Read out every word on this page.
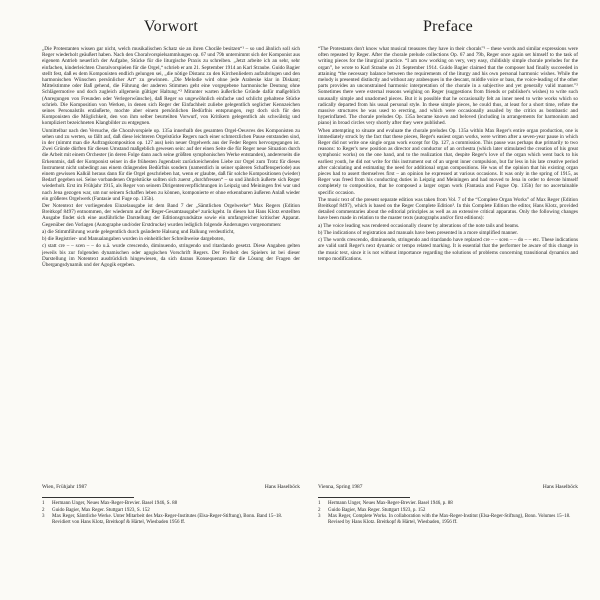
Vorwort

„Die Protestanten wissen gar nicht, welch musikalischen Schatz sie an ihren Choräle besitzen“¹ – so und ähnlich soll sich Reger wiederholt geäußert haben. Nach den Choralvorspielsammlungen op. 67 und 79b unternimmt sich der Komponist aus eigenem Antrieb neuerlich der Aufgabe, Stücke für die liturgische Praxis zu schreiben. „Jetzt arbeite ich an sehr, sehr einfachen, kinderleichten Choralvorspielen für die Orgel,“ schrieb er am 21. September 1914 an Karl Straube. Guido Bagier stellt fest, daß es dem Komponisten endlich gelungen sei, „die nötige Distanz zu den Kirchenliedern aufzubringen und den harmonischen Wünschen persönlicher Art“ zu gewinnen. „Die Melodie wird ohne jede Arabeske klar in Diskant; Mittelstimme oder Baß gehend, die Führung der anderen Stimmen geht eine vorgegebene harmonische Deutung ohne Schlägermotive und doch zugleich allgemein gültiger Haltung.“² Mitunter warten äußerliche Gründe dafür maßgeblich (Anregungen von Freunden oder Verlegerwünsche), daß Reger so ungewöhnlich einfache und schlicht gehaltene Stücke schrieb. Die Komposition von Werken, in denen sich Reger der Einfachheit zuliebe gelegentlich seglicher Kennzeichen seines Personalstils entäußerte, mochte aber einem persönlichen Bedürfnis entsprungen, regt doch sich für den Komponisten die Möglichkeit, den von ihm selber beurteilten Vorwurf, von Kritikern gelegentlich als schwülstig und kompliziert bezeichneten Klangbilder zu entgegnen.

Unmittelbar nach den Versuche, die Choralvorspiele op. 135a innerhalb des gesamten Orgel-Oeuvres des Komponisten zu sehen und zu werten, so fällt auf, daß diese leichteren Orgelstücke Regers nach einer schmerzlichen Pause entstanden sind, in der (nimmt man die Auftragskomposition op. 127 aus) kein neuer Orgelwerk aus der Feder Regers hervorgegangen ist. Zwei Gründe dürften für diesen Umstand maßgeblich gewesen sein: auf der einen Seite die für Reger neue Situation durch die Arbeit mit einem Orchester (in deren Folge dann auch seine größten symphonischen Werke entstanden), andererseits die Erkenntnis, daß der Komponist seiner in die frühesten Jugendzeit zurückreichenden Liebe zur Orgel zum Trotz für dieses Instrument nicht unbedingt aus einem drängenden Bedürfnis sondern (namentlich in seiner späteren Schaffensperiode) aus einem gewissen Kalkül heraus dann für die Orgel geschrieben hat, wenn er glaubte, daß für solche Kompositionen (wieder) Bedarf gegeben sei. Seine vorbandenen Orgelstücke sollten sich zuerst „durchfressen“ – so und ähnlich äußerte sich Reger wiederholt. Erst im Frühjahr 1915, als Reger von seinem Dirigentenverpflichtungen in Leipzig und Meiningen frei war und nach Jena gezogen war, um nur seinem Schaffen leben zu können, komponierte er ohne erkennbaren äußeren Anlaß wieder ein größeres Orgelwerk (Fantasie und Fuge op. 135b).

Der Notentext der vorliegenden Einzelausgabe ist dem Band 7 der „Sämtlichen Orgelwerke“ Max Regers (Edition Breitkopf 8497) entnommen, der wiederum auf der Reger-Gesamtausgabe³ zurückgeht. In diesen hat Hans Klotz erstellten Ausgabe findet sich eine ausführliche Darstellung der Editionsgrundsätze sowie ein umfangreicher kritischer Apparat. Gegenüber den Vorlagen (Autographe und/oder Erstdrucke) wurden lediglich folgende Änderungen vorgenommen:

a) die Stimmführung wurde gelegentlich durch geänderte Halsung und Balkung verdeutlicht,

b) die Registrier- und Manualangaben wurden in einheitlicher Schreibweise dargeboten,

c) statt cre – – scen – – do u.ä. wurde crescendo, diminuendo, stringendo und ritardando gesetzt. Diese Angaben gelten jeweils bis zur folgenden dynamischen oder agogischen Vorschrift Regers. Der Freiheit des Spielers ist bei dieser Darstellung im Notentext ausdrücklich hingewiesen, da sich daraus Konsequenzen für die Lösung der Fragen der Übergangsdynamik und der Agogik ergeben.

Wien, Frühjahr 1987	Hans Haselböck
1	Hermann Unger, Neues Max-Reger-Brevier. Basel 1946, S. 88
2	Guido Bagier, Max Reger. Stuttgart 1923, S. 152
3	Max Reger, Sämtliche Werke. Unter Mitarbeit des Max-Reger-Institutes (Elsa-Reger-Stiftung), Bonn. Band 15–18. Revidiert von Hans Klotz, Breitkopf & Härtel, Wiesbaden 1956 ff.
Preface

“The Protestants don't know what musical treasures they have in their chorals”¹ – these words and similar expressions were often repeated by Reger. After the chorale prelude collections Op. 67 and 79b, Reger once again set himself to the task of writing pieces for the liturgical practice. “I am now working on very, very easy, childishly simple chorale preludes for the organ”, he wrote to Karl Straube on 21 September 1914. Guido Bagier claimed that the composer had finally succeeded in attaining “the necessary balance between the requirements of the liturgy and his own personal harmonic wishes. While the melody is presented distinctly and without any arabesques in the descant, middle voice or bass, the voice-leading of the other parts provides an unconstrained harmonic interpretation of the chorale in a subjective and yet generally valid manner.”² Sometimes there were external reasons weighing on Reger (suggestions from friends or publisher's wishes) to write such unusually simple and unadorned pieces. But it is possible that he occasionally felt an inner need to write works which so radically departed from his usual personal style. In these simple pieces, he could thus, at least for a short time, refute the massive structures he was used to erecting, and which were occasionally assailed by the critics as bombastic and hyperinflated. The chorale preludes Op. 135a became known and beloved (including in arrangements for harmonium and piano) in broad circles very shortly after they were published.

When attempting to situate and evaluate the chorale preludes Op. 135a within Max Reger's entire organ production, one is immediately struck by the fact that these pieces, Reger's easiest organ works, were written after a seven-year pause in which Reger did not write one single organ work except for Op. 127, a commission. This pause was perhaps due primarily to two reasons: to Reger's new position as director and conductor of an orchestra (which later stimulated the creation of his great symphonic works) on the one hand, and to the realization that, despite Reger's love of the organ which went back to his earliest youth, he did not write for this instrument out of an urgent inner compulsion, but far less in his late creative period after calculating and estimating the need for additional organ compositions. He was of the opinion that his existing organ pieces had to assert themselves first – an opinion he expressed at various occasions. It was only in the spring of 1915, as Reger was freed from his conducting duties in Leipzig and Meiningen and had moved to Jena in order to devote himself completely to composition, that he composed a larger organ work (Fantasia and Fugue Op. 135b) for no ascertainable specific occasion.

The music text of the present separate edition was taken from Vol. 7 of the “Complete Organ Works” of Max Reger (Edition Breitkopf 8497), which is based on the Reger Complete Edition³. In this Complete Edition the editor, Hans Klotz, provided detailed commentaries about the editorial principles as well as an extensive critical apparatus. Only the following changes have been made in relation to the master texts (autographs and/or first editions):

a) The voice leading was rendered occasionally clearer by alterations of the note tails and beams.

b) The indications of registration and manuals have been presented in a more simplified manner.

c) The words crescendo, diminuendo, stringendo and ritardando have replaced cre – – scen – – do – – etc. These indications are valid until Reger's next dynamic or tempo related marking. It is essential that the performer be aware of this change in the music text, since it is not without importance regarding the solutions of problems concerning transitional dynamics and tempo modifications.

Vienna, Spring 1987	Hans Haselböck
1	Hermann Unger, Neues Max-Reger-Brevier. Basel 1946, p. 88
2	Guido Bagier, Max Reger. Stuttgart 1923, p. 152
3	Max Reger, Complete Works. In collaboration with the Max-Reger-Institut (Elsa-Reger-Stiftung), Bonn. Volumes 15–18. Revised by Hans Klotz. Breitkopf & Härtel, Wiesbaden, 1956 ff.
